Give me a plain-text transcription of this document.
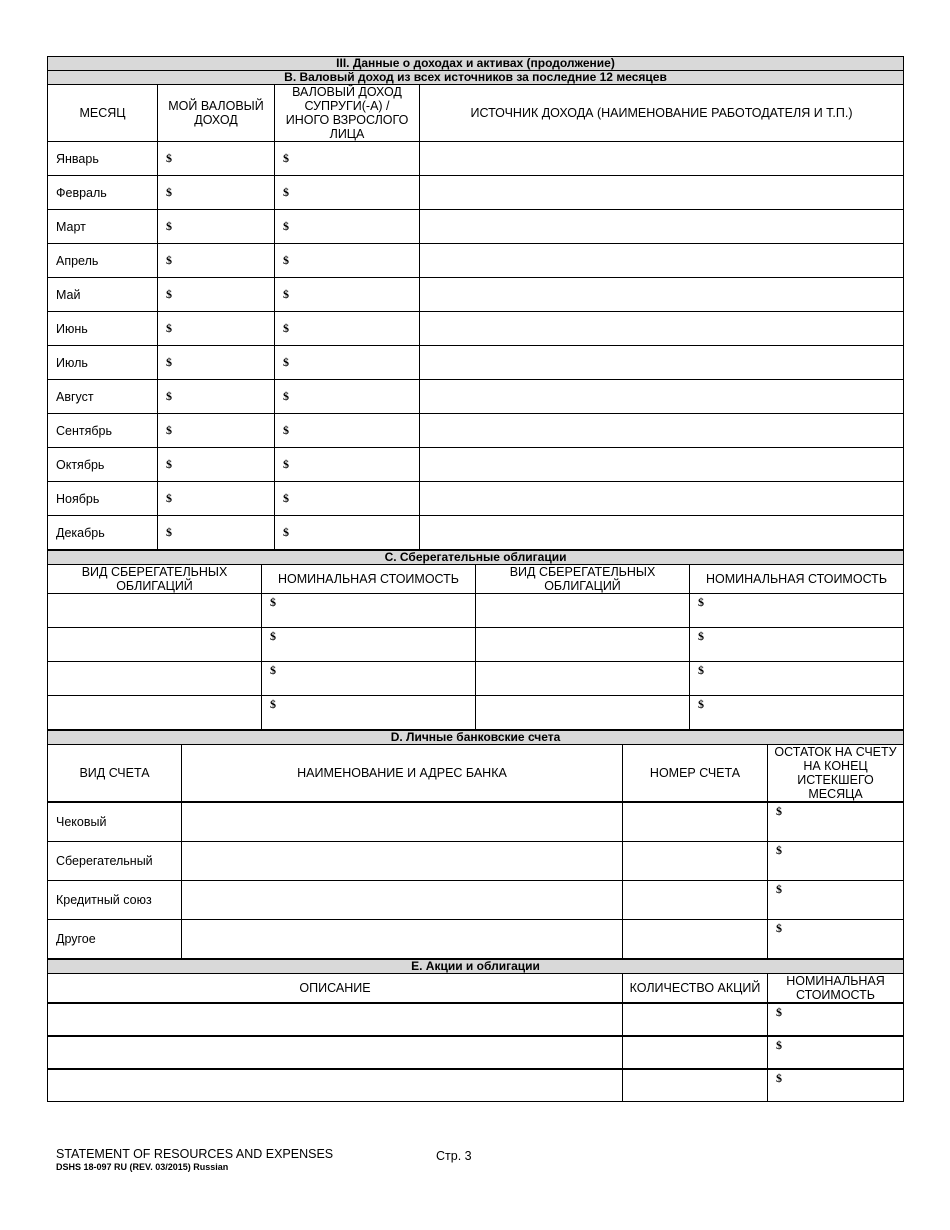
III. Данные о доходах и активах (продолжение)			
B. Валовый доход из всех источников за последние 12 месяцев			
МЕСЯЦ	МОЙ ВАЛОВЫЙ ДОХОД	ВАЛОВЫЙ ДОХОД СУПРУГИ(-А) / ИНОГО ВЗРОСЛОГО ЛИЦА	ИСТОЧНИК ДОХОДА (НАИМЕНОВАНИЕ РАБОТОДАТЕЛЯ И Т.П.)
Январь	$	$	
Февраль	$	$	
Март	$	$	
Апрель	$	$	
Май	$	$	
Июнь	$	$	
Июль	$	$	
Август	$	$	
Сентябрь	$	$	
Октябрь	$	$	
Ноябрь	$	$	
Декабрь	$	$	
C. Сберегательные облигации			
ВИД СБЕРЕГАТЕЛЬНЫХ ОБЛИГАЦИЙ	НОМИНАЛЬНАЯ СТОИМОСТЬ	ВИД СБЕРЕГАТЕЛЬНЫХ ОБЛИГАЦИЙ	НОМИНАЛЬНАЯ СТОИМОСТЬ
	$		$
	$		$
	$		$
	$		$
D. Личные банковские счета			
ВИД СЧЕТА	НАИМЕНОВАНИЕ И АДРЕС БАНКА	НОМЕР СЧЕТА	ОСТАТОК НА СЧЕТУ НА КОНЕЦ ИСТЕКШЕГО МЕСЯЦА
Чековый			$
Сберегательный			$
Кредитный союз			$
Другое			$
E. Акции и облигации		
ОПИСАНИЕ	КОЛИЧЕСТВО АКЦИЙ	НОМИНАЛЬНАЯ СТОИМОСТЬ
		$
		$
		$
STATEMENT OF RESOURCES AND EXPENSES
DSHS 18-097 RU (REV. 03/2015) Russian
Стр. 3
